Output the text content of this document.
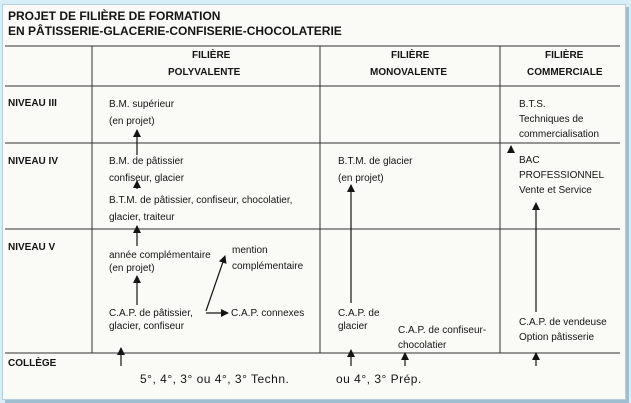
PROJET DE FILIÈRE DE FORMATION
EN PÂTISSERIE-GLACERIE-CONFISERIE-CHOCOLATERIE
FILIÈRE
POLYVALENTE
FILIÈRE
MONOVALENTE
FILIÈRE
COMMERCIALE
NIVEAU III
NIVEAU IV
NIVEAU V
COLLÈGE
B.M. supérieur
(en projet)
B.M. de pâtissier
confiseur, glacier
B.T.M. de pâtissier, confiseur, chocolatier,
glacier, traiteur
année complémentaire
(en projet)
mention
complémentaire
C.A.P. de pâtissier,
glacier, confiseur
C.A.P. connexes
B.T.M. de glacier
(en projet)
C.A.P. de
glacier	C.A.P. de confiseur-
chocolatier
B.T.S.
Techniques de
commercialisation
BAC
PROFESSIONNEL
Vente et Service
C.A.P. de vendeuse
Option pâtisserie
5°, 4°, 3° ou 4°, 3° Techn.	ou 4°, 3° Prép.
